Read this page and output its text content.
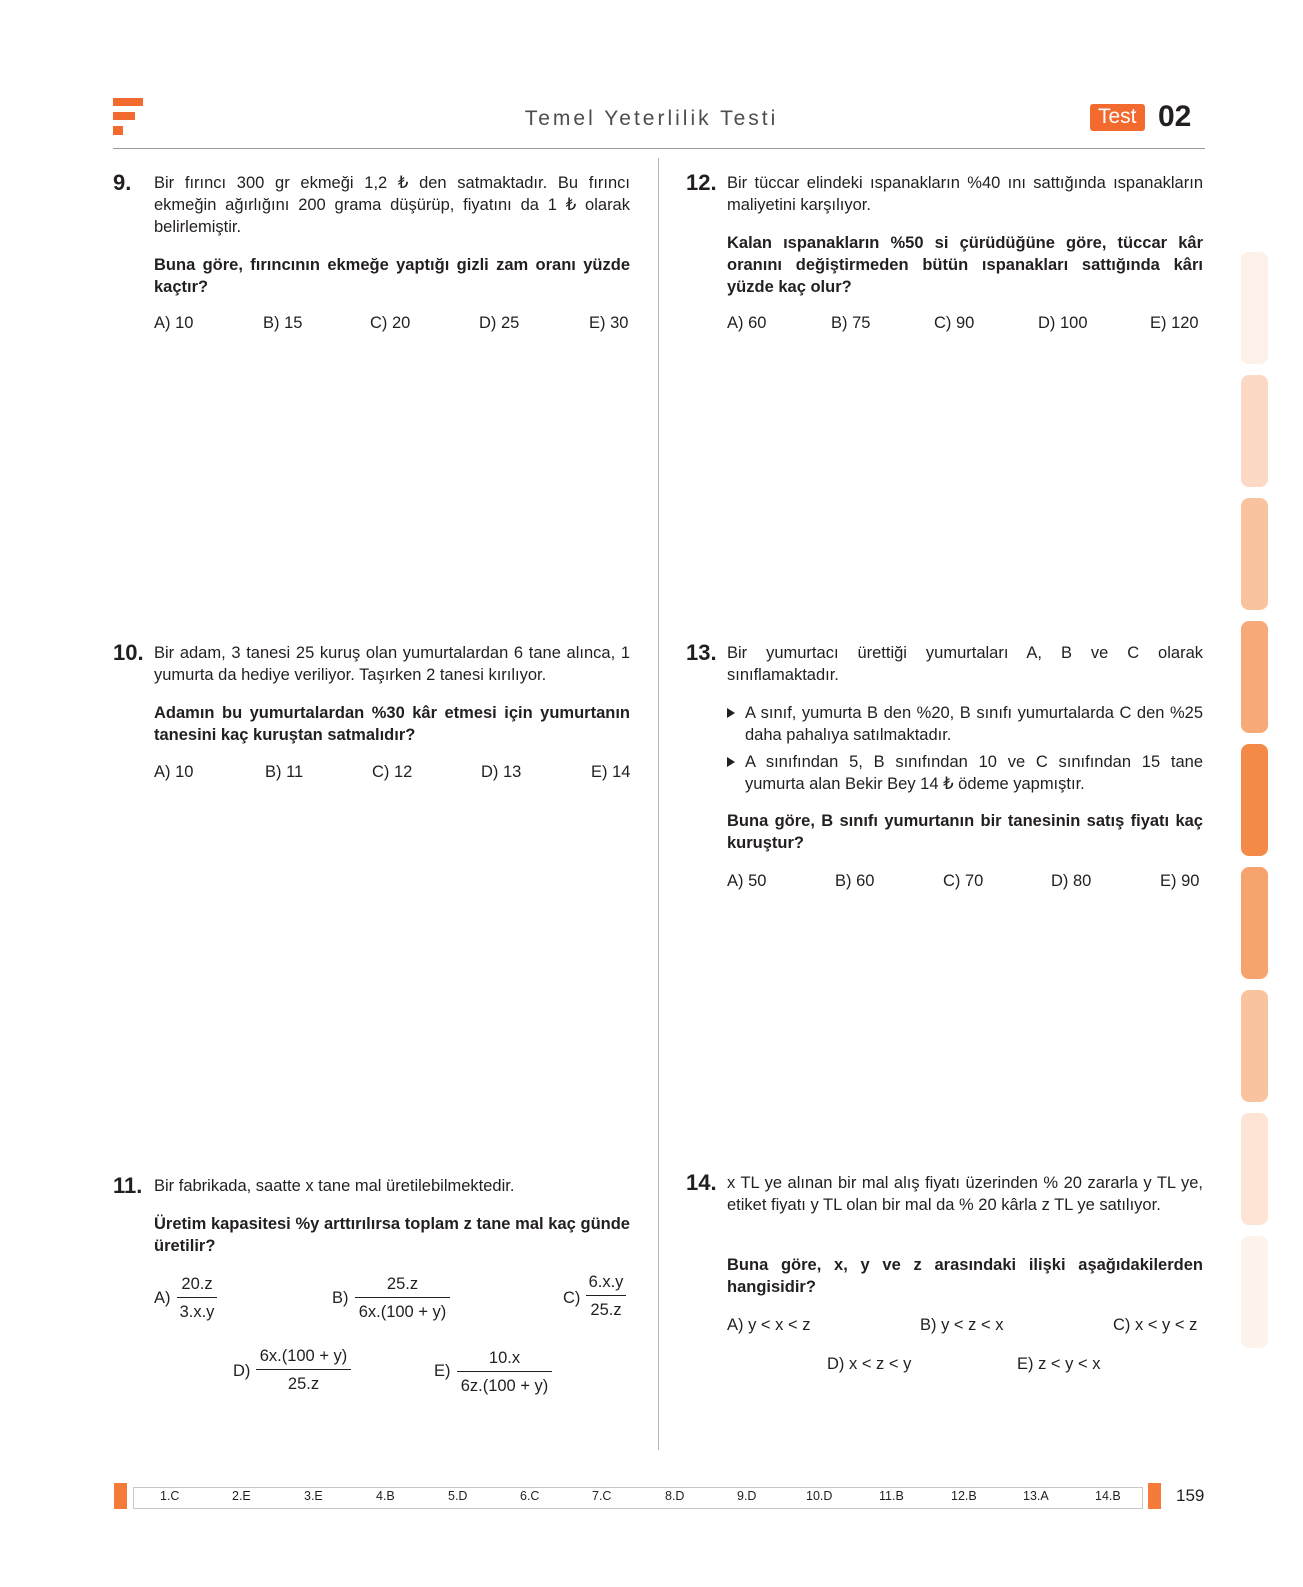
Temel Yeterlilik Testi	Test 02
9. Bir fırıncı 300 gr ekmeği 1,2 ₺ den satmaktadır. Bu fırıncı ekmeğin ağırlığını 200 grama düşürüp, fiyatını da 1 ₺ olarak belirlemiştir.
Buna göre, fırıncının ekmeğe yaptığı gizli zam oranı yüzde kaçtır?
A) 10	B) 15	C) 20	D) 25	E) 30
10. Bir adam, 3 tanesi 25 kuruş olan yumurtalardan 6 tane alınca, 1 yumurta da hediye veriliyor. Taşırken 2 tanesi kırılıyor.
Adamın bu yumurtalardan %30 kâr etmesi için yumurtanın tanesini kaç kuruştan satmalıdır?
A) 10	B) 11	C) 12	D) 13	E) 14
11. Bir fabrikada, saatte x tane mal üretilebilmektedir.
Üretim kapasitesi %y arttırılırsa toplam z tane mal kaç günde üretilir?
$A) \frac{20.z}{3.x.y}$	$B) \frac{25.z}{6x.(100 + y)}$	$C) \frac{6.x.y}{25.z}$
$D) \frac{6x.(100 + y)}{25.z}$	$E) \frac{10.x}{6z.(100 + y)}$
12. Bir tüccar elindeki ıspanakların %40 ını sattığında ıspanakların maliyetini karşılıyor.
Kalan ıspanakların %50 si çürüdüğüne göre, tüccar kâr oranını değiştirmeden bütün ıspanakları sattığında kârı yüzde kaç olur?
A) 60	B) 75	C) 90	D) 100	E) 120
13. Bir yumurtacı ürettiği yumurtaları A, B ve C olarak sınıflamaktadır.
A sınıf, yumurta B den %20, B sınıfı yumurtalarda C den %25 daha pahalıya satılmaktadır.
A sınıfından 5, B sınıfından 10 ve C sınıfından 15 tane yumurta alan Bekir Bey 14 ₺ ödeme yapmıştır.
Buna göre, B sınıfı yumurtanın bir tanesinin satış fiyatı kaç kuruştur?
A) 50	B) 60	C) 70	D) 80	E) 90
14. x TL ye alınan bir mal alış fiyatı üzerinden % 20 zararla y TL ye, etiket fiyatı y TL olan bir mal da % 20 kârla z TL ye satılıyor.
Buna göre, x, y ve z arasındaki ilişki aşağıdakilerden hangisidir?
A) y < x < z	B) y < z < x	C) x < y < z
D) x < z < y	E) z < y < x
1.C	2.E	3.E	4.B	5.D	6.C	7.C	8.D	9.D	10.D	11.B	12.B	13.A	14.B	159
